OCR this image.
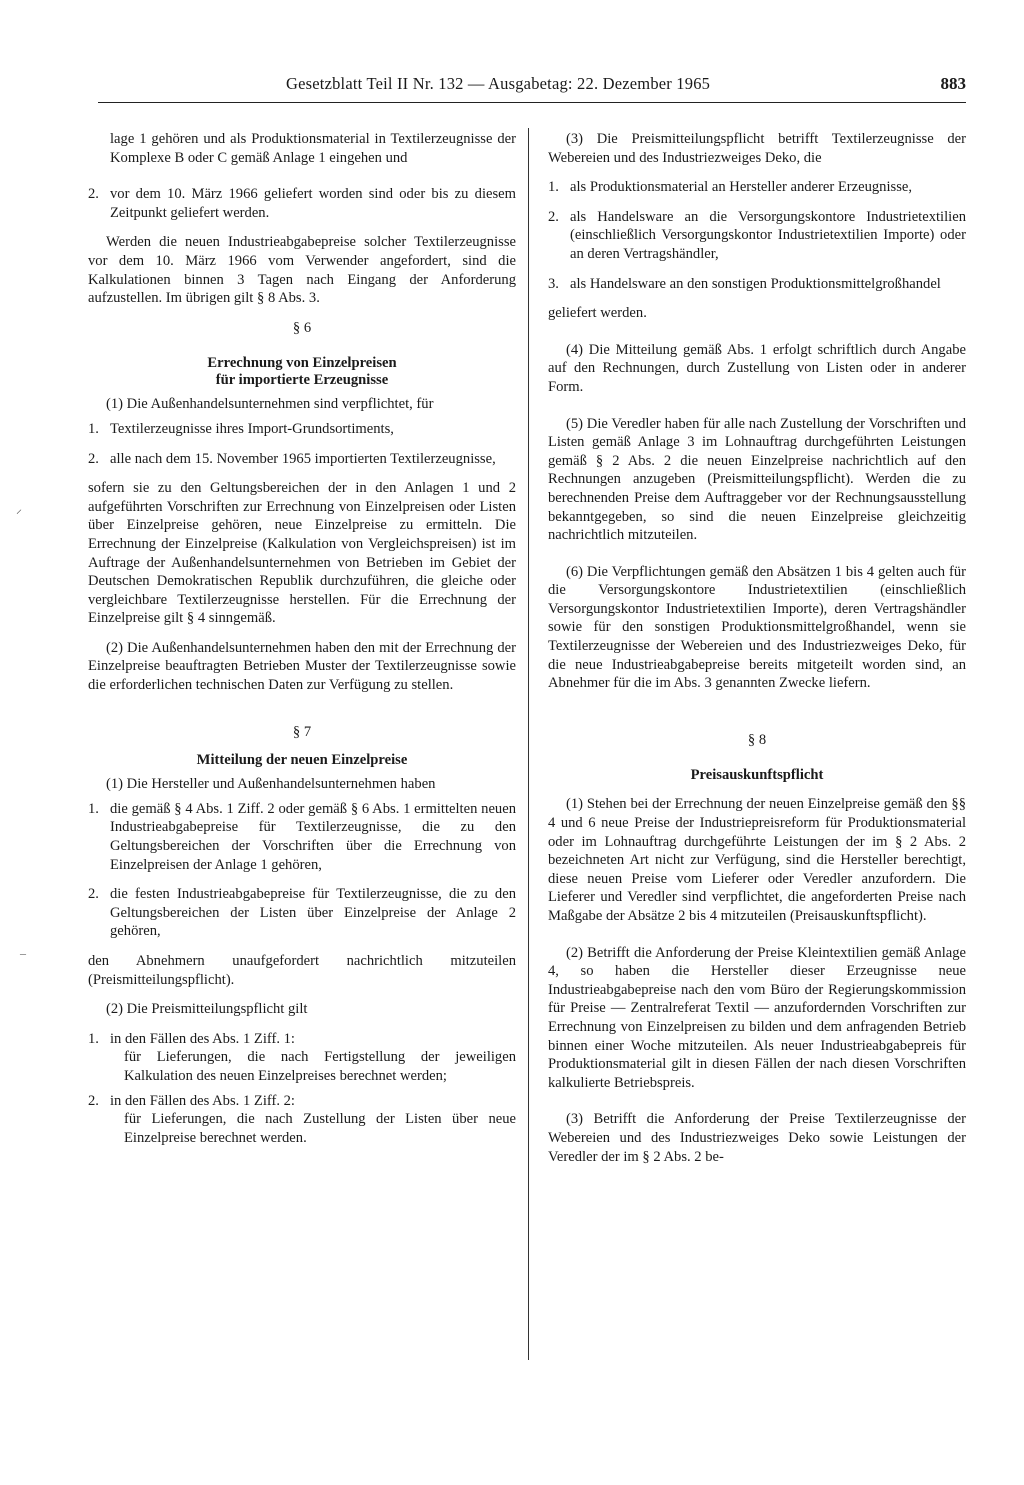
Gesetzblatt Teil II Nr. 132 — Ausgabetag: 22. Dezember 1965	883
⸝
–

lage 1 gehören und als Produktionsmaterial in Textilerzeugnisse der Komplexe B oder C gemäß Anlage 1 eingehen und

2. vor dem 10. März 1966 geliefert worden sind oder bis zu diesem Zeitpunkt geliefert werden.

Werden die neuen Industrieabgabepreise solcher Textilerzeugnisse vor dem 10. März 1966 vom Verwender angefordert, sind die Kalkulationen binnen 3 Tagen nach Eingang der Anforderung aufzustellen. Im übrigen gilt § 8 Abs. 3.

§ 6

Errechnung von Einzelpreisen
für importierte Erzeugnisse

(1) Die Außenhandelsunternehmen sind verpflichtet, für

1. Textilerzeugnisse ihres Import-Grundsortiments,
2. alle nach dem 15. November 1965 importierten Textilerzeugnisse,

sofern sie zu den Geltungsbereichen der in den Anlagen 1 und 2 aufgeführten Vorschriften zur Errechnung von Einzelpreisen oder Listen über Einzelpreise gehören, neue Einzelpreise zu ermitteln. Die Errechnung der Einzelpreise (Kalkulation von Vergleichspreisen) ist im Auftrage der Außenhandelsunternehmen von Betrieben im Gebiet der Deutschen Demokratischen Republik durchzuführen, die gleiche oder vergleichbare Textilerzeugnisse herstellen. Für die Errechnung der Einzelpreise gilt § 4 sinngemäß.

(2) Die Außenhandelsunternehmen haben den mit der Errechnung der Einzelpreise beauftragten Betrieben Muster der Textilerzeugnisse sowie die erforderlichen technischen Daten zur Verfügung zu stellen.

§ 7

Mitteilung der neuen Einzelpreise

(1) Die Hersteller und Außenhandelsunternehmen haben

1. die gemäß § 4 Abs. 1 Ziff. 2 oder gemäß § 6 Abs. 1 ermittelten neuen Industrieabgabepreise für Textilerzeugnisse, die zu den Geltungsbereichen der Vorschriften über die Errechnung von Einzelpreisen der Anlage 1 gehören,
2. die festen Industrieabgabepreise für Textilerzeugnisse, die zu den Geltungsbereichen der Listen über Einzelpreise der Anlage 2 gehören,

den Abnehmern unaufgefordert nachrichtlich mitzuteilen (Preismitteilungspflicht).

(2) Die Preismitteilungspflicht gilt

1. in den Fällen des Abs. 1 Ziff. 1:

für Lieferungen, die nach Fertigstellung der jeweiligen Kalkulation des neuen Einzelpreises berechnet werden;

2. in den Fällen des Abs. 1 Ziff. 2:

für Lieferungen, die nach Zustellung der Listen über neue Einzelpreise berechnet werden.

(3) Die Preismitteilungspflicht betrifft Textilerzeugnisse der Webereien und des Industriezweiges Deko, die

1. als Produktionsmaterial an Hersteller anderer Erzeugnisse,
2. als Handelsware an die Versorgungskontore Industrietextilien (einschließlich Versorgungskontor Industrietextilien Importe) oder an deren Vertragshändler,
3. als Handelsware an den sonstigen Produktionsmittelgroßhandel

geliefert werden.

(4) Die Mitteilung gemäß Abs. 1 erfolgt schriftlich durch Angabe auf den Rechnungen, durch Zustellung von Listen oder in anderer Form.

(5) Die Veredler haben für alle nach Zustellung der Vorschriften und Listen gemäß Anlage 3 im Lohnauftrag durchgeführten Leistungen gemäß § 2 Abs. 2 die neuen Einzelpreise nachrichtlich auf den Rechnungen anzugeben (Preismitteilungspflicht). Werden die zu berechnenden Preise dem Auftraggeber vor der Rechnungsausstellung bekanntgegeben, so sind die neuen Einzelpreise gleichzeitig nachrichtlich mitzuteilen.

(6) Die Verpflichtungen gemäß den Absätzen 1 bis 4 gelten auch für die Versorgungskontore Industrietextilien (einschließlich Versorgungskontor Industrietextilien Importe), deren Vertragshändler sowie für den sonstigen Produktionsmittelgroßhandel, wenn sie Textilerzeugnisse der Webereien und des Industriezweiges Deko, für die neue Industrieabgabepreise bereits mitgeteilt worden sind, an Abnehmer für die im Abs. 3 genannten Zwecke liefern.

§ 8

Preisauskunftspflicht

(1) Stehen bei der Errechnung der neuen Einzelpreise gemäß den §§ 4 und 6 neue Preise der Industriepreisreform für Produktionsmaterial oder im Lohnauftrag durchgeführte Leistungen der im § 2 Abs. 2 bezeichneten Art nicht zur Verfügung, sind die Hersteller berechtigt, diese neuen Preise vom Lieferer oder Veredler anzufordern. Die Lieferer und Veredler sind verpflichtet, die angeforderten Preise nach Maßgabe der Absätze 2 bis 4 mitzuteilen (Preisauskunftspflicht).

(2) Betrifft die Anforderung der Preise Kleintextilien gemäß Anlage 4, so haben die Hersteller dieser Erzeugnisse neue Industrieabgabepreise nach den vom Büro der Regierungskommission für Preise — Zentralreferat Textil — anzufordernden Vorschriften zur Errechnung von Einzelpreisen zu bilden und dem anfragenden Betrieb binnen einer Woche mitzuteilen. Als neuer Industrieabgabepreis für Produktionsmaterial gilt in diesen Fällen der nach diesen Vorschriften kalkulierte Betriebspreis.

(3) Betrifft die Anforderung der Preise Textilerzeugnisse der Webereien und des Industriezweiges Deko sowie Leistungen der Veredler der im § 2 Abs. 2 be-
